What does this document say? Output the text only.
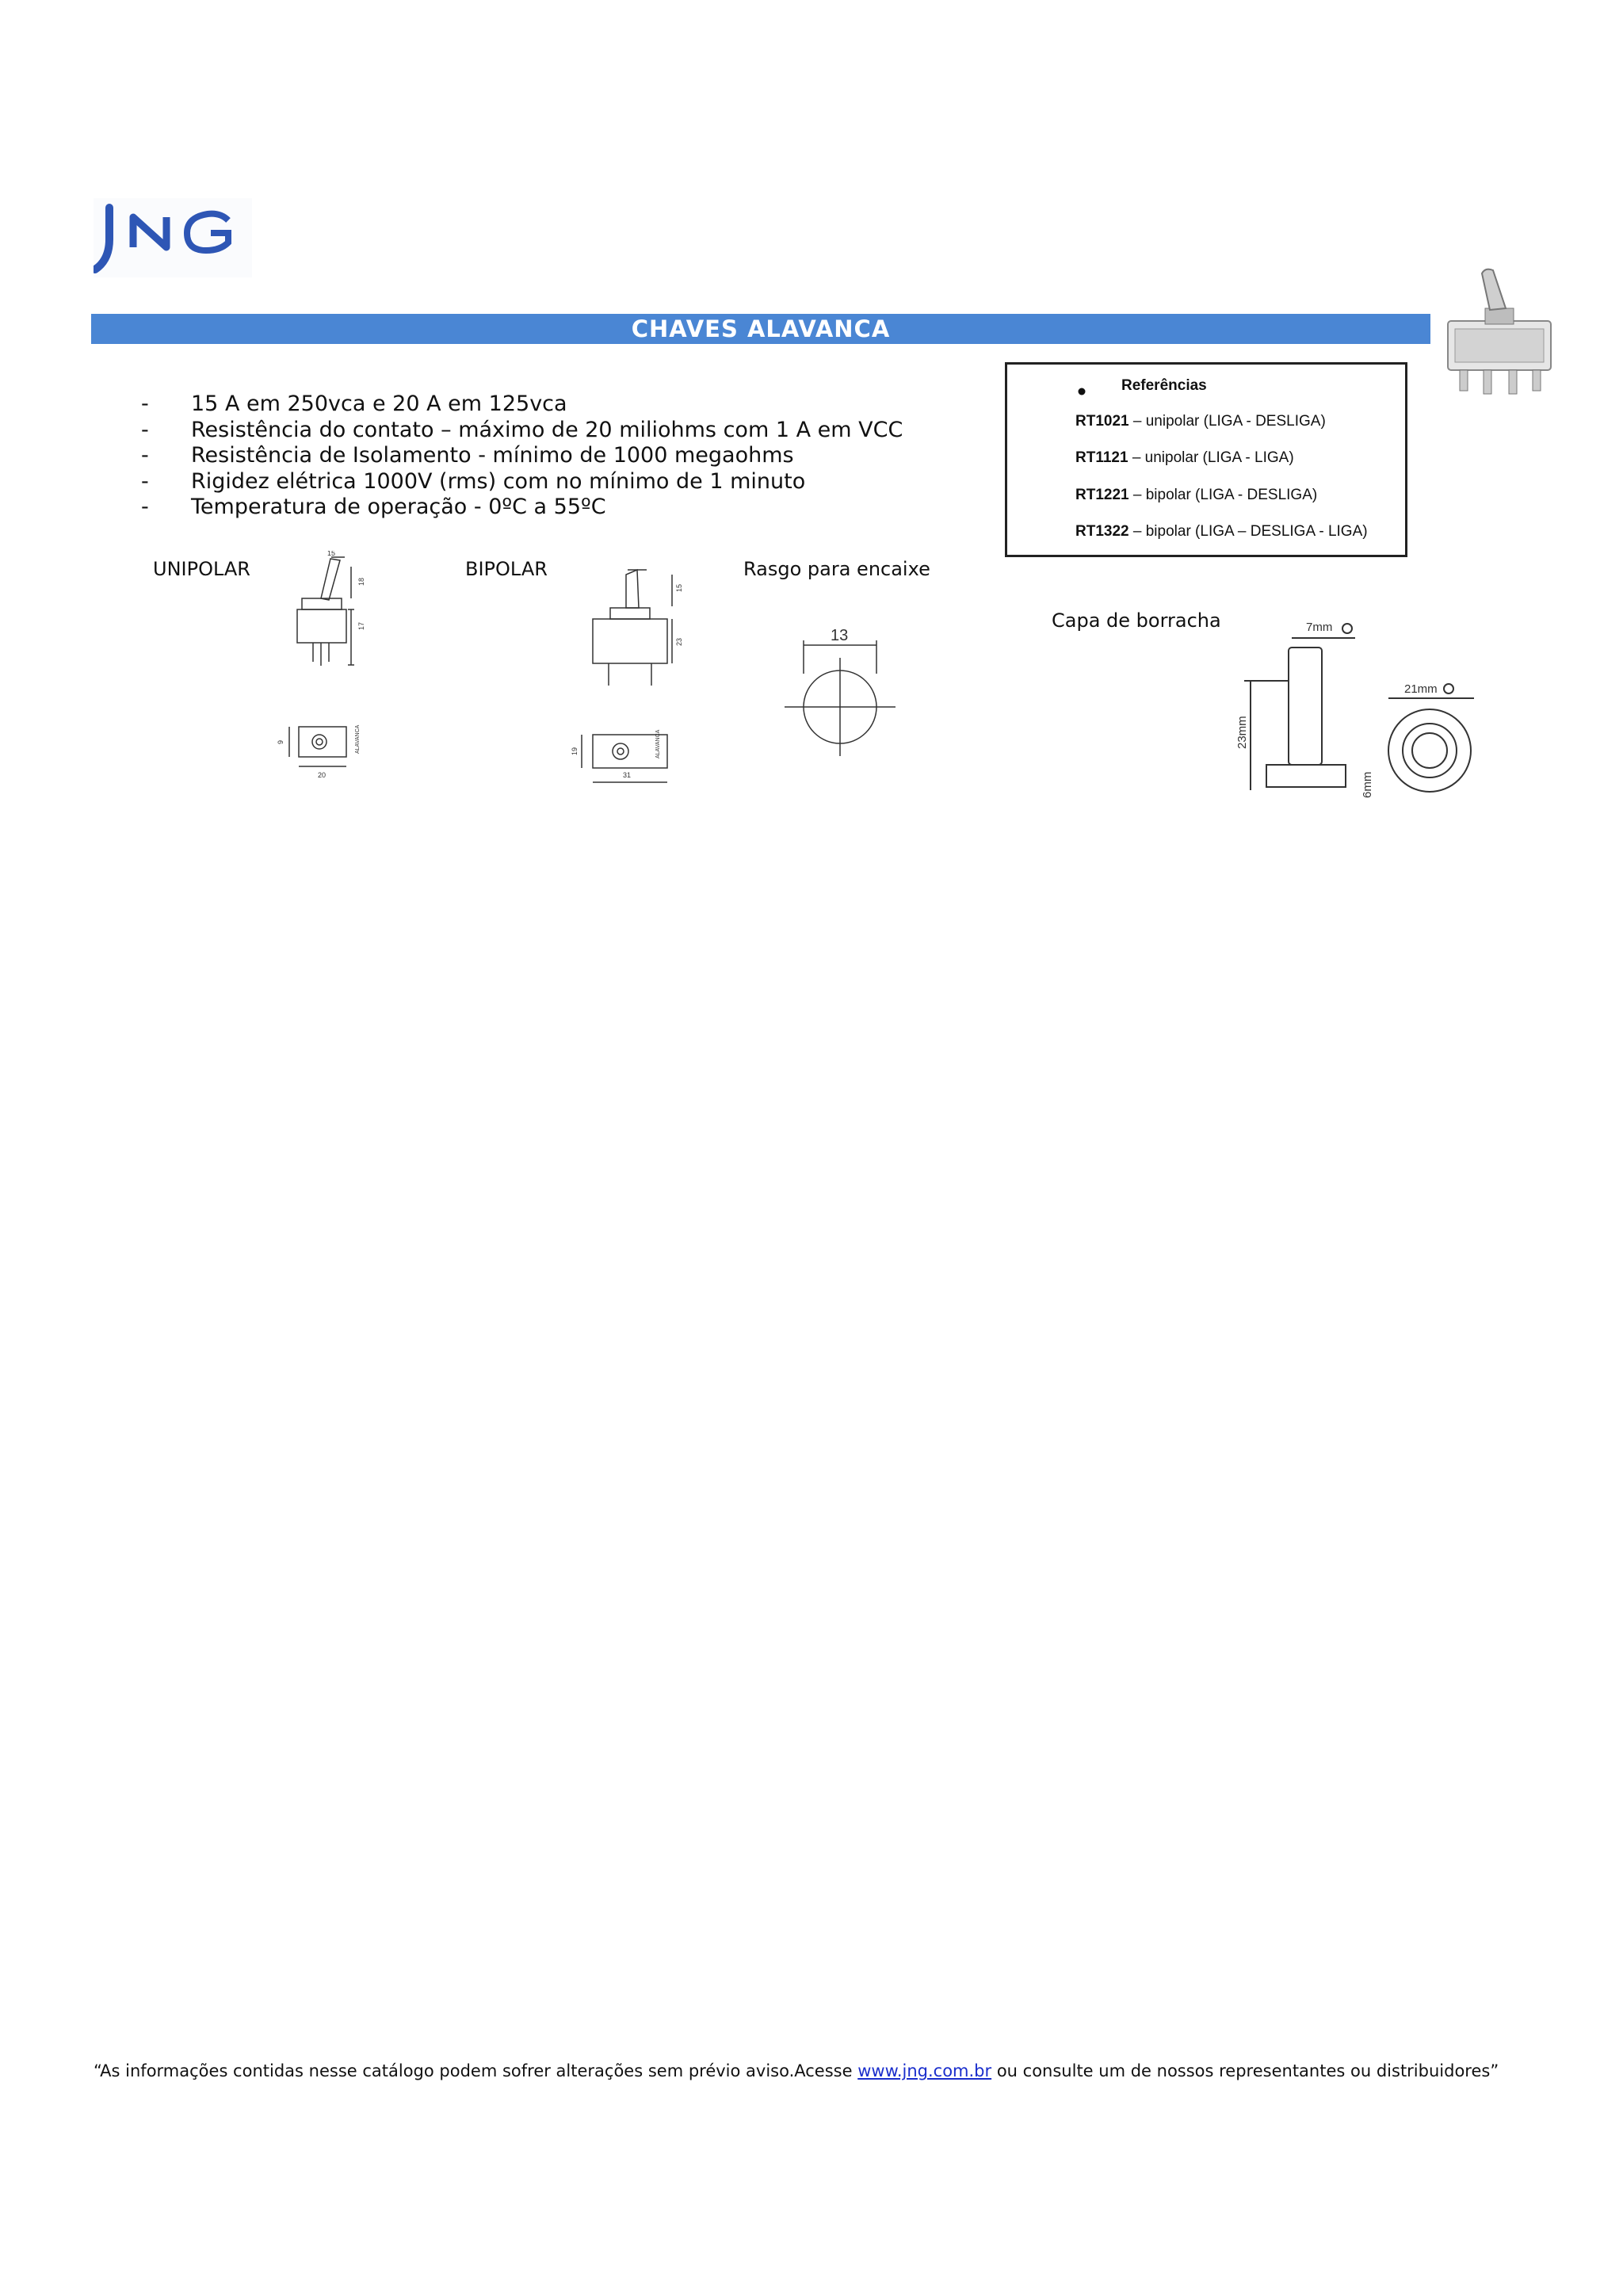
CHAVES ALAVANCA
-	15 A em 250vca e 20 A em 125vca
-	Resistência do contato – máximo de 20 miliohms com 1 A em VCC
-	Resistência de Isolamento - mínimo de 1000 megaohms
-	Rigidez elétrica 1000V (rms) com no mínimo de 1 minuto
-	Temperatura de operação - 0ºC a 55ºC
Referências
RT1021 – unipolar (LIGA - DESLIGA)
RT1121 – unipolar (LIGA - LIGA)
RT1221 – bipolar (LIGA - DESLIGA)
RT1322 – bipolar (LIGA – DESLIGA - LIGA)
UNIPOLAR	BIPOLAR	Rasgo para encaixe
Capa de borracha
15
17
18
9
20
ALAVANCA
15
23
19
31
ALAVANCA
13	7mm
23mm
6mm
21mm
“As informações contidas nesse catálogo podem sofrer alterações sem prévio aviso.Acesse www.jng.com.br ou consulte um de nossos representantes ou distribuidores”
